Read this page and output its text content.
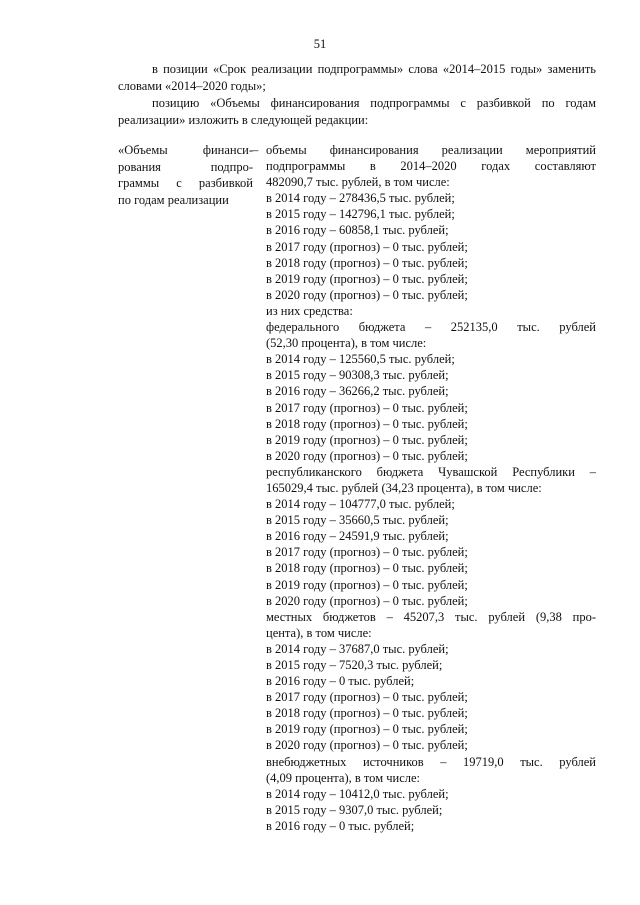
51
в позиции «Срок реализации подпрограммы» слова «2014–2015 годы» заменить словами «2014–2020 годы»;
позицию «Объемы финансирования подпрограммы с разбивкой по годам реализации» изложить в следующей редакции:
«Объемы финанси-
рования подпро-
граммы с разбивкой
по годам реализации
– объемы финансирования реализации мероприятий
подпрограммы в 2014–2020 годах составляют
482090,7 тыс. рублей, в том числе:
в 2014 году – 278436,5 тыс. рублей;
в 2015 году – 142796,1 тыс. рублей;
в 2016 году – 60858,1 тыс. рублей;
в 2017 году (прогноз) – 0 тыс. рублей;
в 2018 году (прогноз) – 0 тыс. рублей;
в 2019 году (прогноз) – 0 тыс. рублей;
в 2020 году (прогноз) – 0 тыс. рублей;
из них средства:
федерального бюджета – 252135,0 тыс. рублей
(52,30 процента), в том числе:
в 2014 году – 125560,5 тыс. рублей;
в 2015 году – 90308,3 тыс. рублей;
в 2016 году – 36266,2 тыс. рублей;
в 2017 году (прогноз) – 0 тыс. рублей;
в 2018 году (прогноз) – 0 тыс. рублей;
в 2019 году (прогноз) – 0 тыс. рублей;
в 2020 году (прогноз) – 0 тыс. рублей;
республиканского бюджета Чувашской Республики –
165029,4 тыс. рублей (34,23 процента), в том числе:
в 2014 году – 104777,0 тыс. рублей;
в 2015 году – 35660,5 тыс. рублей;
в 2016 году – 24591,9 тыс. рублей;
в 2017 году (прогноз) – 0 тыс. рублей;
в 2018 году (прогноз) – 0 тыс. рублей;
в 2019 году (прогноз) – 0 тыс. рублей;
в 2020 году (прогноз) – 0 тыс. рублей;
местных бюджетов – 45207,3 тыс. рублей (9,38 про-
цента), в том числе:
в 2014 году – 37687,0 тыс. рублей;
в 2015 году – 7520,3 тыс. рублей;
в 2016 году – 0 тыс. рублей;
в 2017 году (прогноз) – 0 тыс. рублей;
в 2018 году (прогноз) – 0 тыс. рублей;
в 2019 году (прогноз) – 0 тыс. рублей;
в 2020 году (прогноз) – 0 тыс. рублей;
внебюджетных источников – 19719,0 тыс. рублей
(4,09 процента), в том числе:
в 2014 году – 10412,0 тыс. рублей;
в 2015 году – 9307,0 тыс. рублей;
в 2016 году – 0 тыс. рублей;
